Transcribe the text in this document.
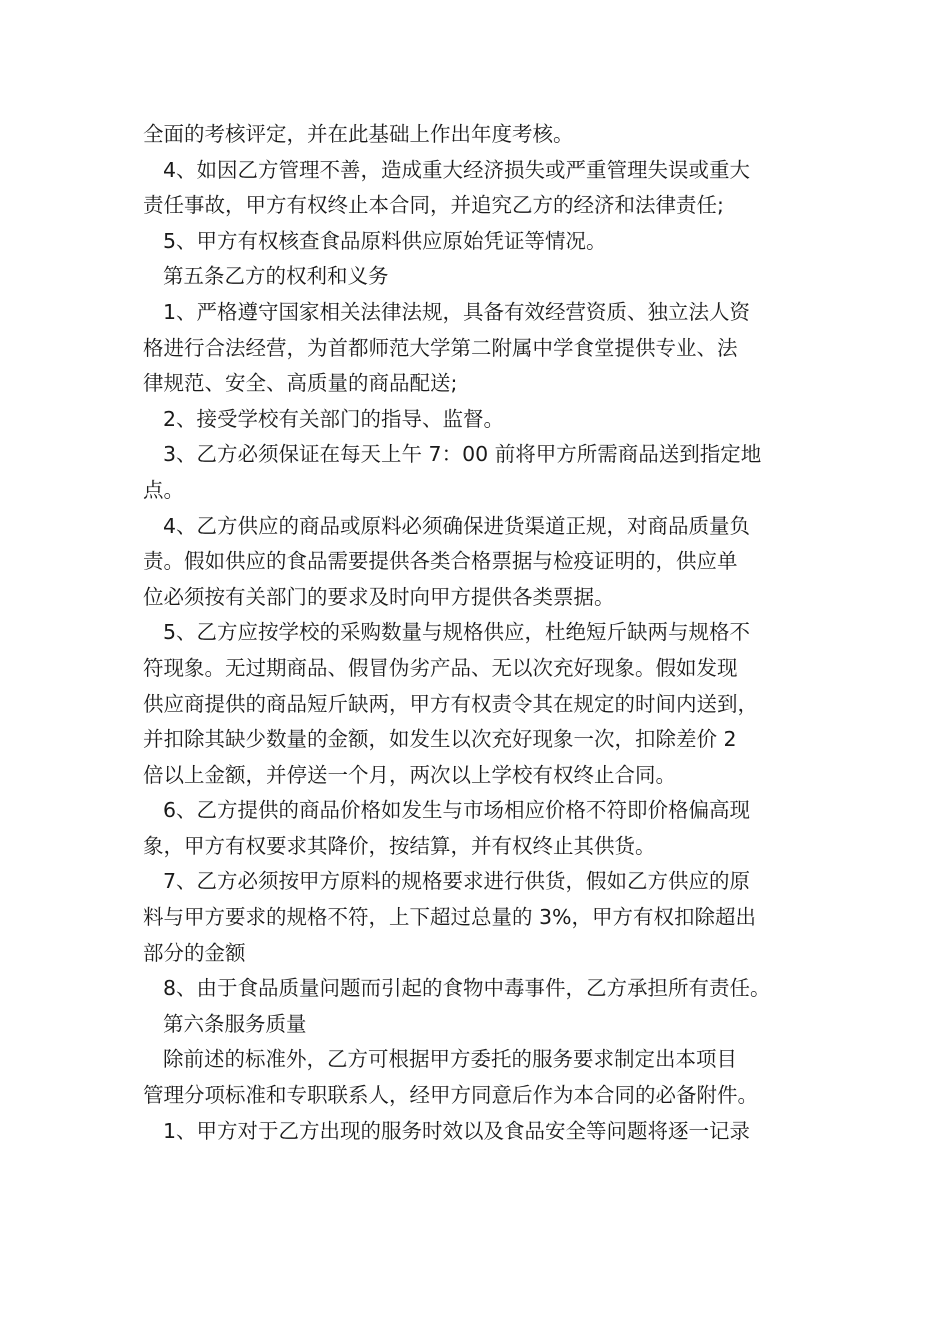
全面的考核评定，并在此基础上作出年度考核。
4、如因乙方管理不善，造成重大经济损失或严重管理失误或重大
责任事故，甲方有权终止本合同，并追究乙方的经济和法律责任;
5、甲方有权核查食品原料供应原始凭证等情况。
第五条乙方的权利和义务
1、严格遵守国家相关法律法规，具备有效经营资质、独立法人资
格进行合法经营，为首都师范大学第二附属中学食堂提供专业、法
律规范、安全、高质量的商品配送;
2、接受学校有关部门的指导、监督。
3、乙方必须保证在每天上午 7：00 前将甲方所需商品送到指定地
点。
4、乙方供应的商品或原料必须确保进货渠道正规，对商品质量负
责。假如供应的食品需要提供各类合格票据与检疫证明的，供应单
位必须按有关部门的要求及时向甲方提供各类票据。
5、乙方应按学校的采购数量与规格供应，杜绝短斤缺两与规格不
符现象。无过期商品、假冒伪劣产品、无以次充好现象。假如发现
供应商提供的商品短斤缺两，甲方有权责令其在规定的时间内送到，
并扣除其缺少数量的金额，如发生以次充好现象一次，扣除差价 2
倍以上金额，并停送一个月，两次以上学校有权终止合同。
6、乙方提供的商品价格如发生与市场相应价格不符即价格偏高现
象，甲方有权要求其降价，按结算，并有权终止其供货。
7、乙方必须按甲方原料的规格要求进行供货，假如乙方供应的原
料与甲方要求的规格不符，上下超过总量的 3%，甲方有权扣除超出
部分的金额
8、由于食品质量问题而引起的食物中毒事件，乙方承担所有责任。
第六条服务质量
除前述的标准外，乙方可根据甲方委托的服务要求制定出本项目
管理分项标准和专职联系人，经甲方同意后作为本合同的必备附件。
1、甲方对于乙方出现的服务时效以及食品安全等问题将逐一记录
